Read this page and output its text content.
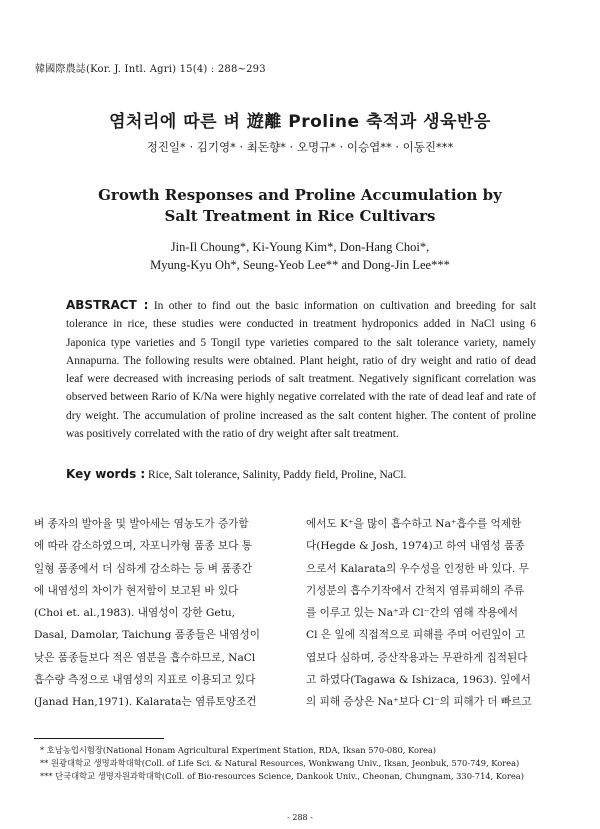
韓國際農誌(Kor. J. Intl. Agri) 15(4) : 288~293
염처리에 따른 벼 遊離 Proline 축적과 생육반응
정진일* · 김기영* · 최돈향* · 오명규* · 이승엽** · 이동진***
Growth Responses and Proline Accumulation by
Salt Treatment in Rice Cultivars
Jin-Il Choung*, Ki-Young Kim*, Don-Hang Choi*,
Myung-Kyu Oh*, Seung-Yeob Lee** and Dong-Jin Lee***
ABSTRACT : In other to find out the basic information on cultivation and breeding for salt tolerance in rice, these studies were conducted in treatment hydroponics added in NaCl using 6 Japonica type varieties and 5 Tongil type varieties compared to the salt tolerance variety, namely Annapurna. The following results were obtained. Plant height, ratio of dry weight and ratio of dead leaf were decreased with increasing periods of salt treatment. Negatively significant correlation was observed between Rario of K/Na were highly negative correlated with the rate of dead leaf and rate of dry weight. The accumulation of proline increased as the salt content higher. The content of proline was positively correlated with the ratio of dry weight after salt treatment.
Key words : Rice, Salt tolerance, Salinity, Paddy field, Proline, NaCl.
벼 종자의 발아율 및 발아세는 염농도가 증가함
에 따라 감소하였으며, 자포니카형 품종 보다 통
일형 품종에서 더 심하게 감소하는 등 벼 품종간
에 내염성의 차이가 현저함이 보고된 바 있다
(Choi et. al.,1983). 내염성이 강한 Getu,
Dasal, Damolar, Taichung 품종들은 내염성이
낮은 품종들보다 적은 염분을 흡수하므로, NaCl
흡수량 측정으로 내염성의 지표로 이용되고 있다
(Janad Han,1971). Kalarata는 염류토양조건
에서도 K⁺을 많이 흡수하고 Na⁺흡수를 억제한
다(Hegde & Josh, 1974)고 하여 내염성 품종
으로서 Kalarata의 우수성을 인정한 바 있다. 무
기성분의 흡수기작에서 간척지 염류피해의 주류
를 이루고 있는 Na⁺과 Cl⁻간의 염해 작용에서
Cl 은 잎에 직접적으로 피해를 주며 어린잎이 고
엽보다 심하며, 증산작용과는 무관하게 집적된다
고 하였다(Tagawa & Ishizaca, 1963). 잎에서
의 피해 증상은 Na⁺보다 Cl⁻의 피해가 더 빠르고
* 호남농업시험장(National Honam Agricultural Experiment Station, RDA, Iksan 570-080, Korea)
** 원광대학교 생명과학대학(Coll. of Life Sci. & Natural Resources, Wonkwang Univ., Iksan, Jeonbuk, 570-749, Korea)
*** 단국대학교 생명자원과학대학(Coll. of Bio-resources Science, Dankook Univ., Cheonan, Chungnam, 330-714, Korea)
- 288 -
